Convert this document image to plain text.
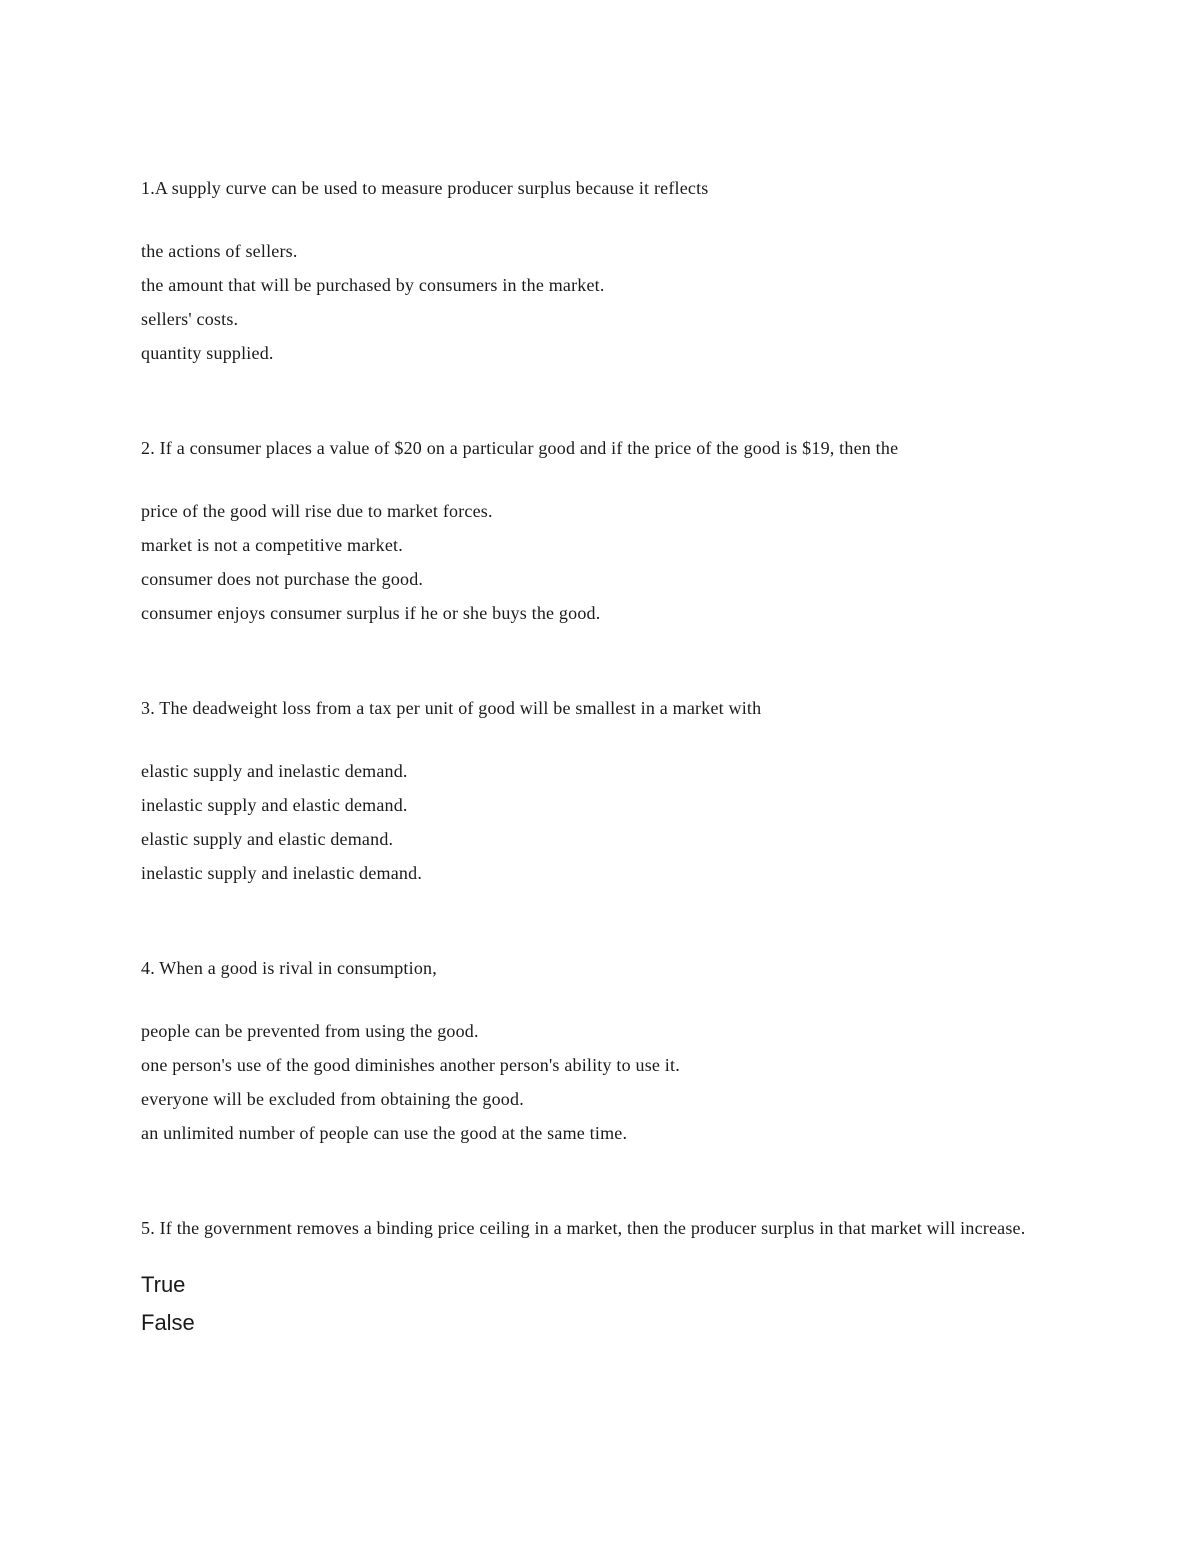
1.A supply curve can be used to measure producer surplus because it reflects

the actions of sellers.
the amount that will be purchased by consumers in the market.
sellers' costs.
quantity supplied.

2. If a consumer places a value of $20 on a particular good and if the price of the good is $19, then the

price of the good will rise due to market forces.
market is not a competitive market.
consumer does not purchase the good.
consumer enjoys consumer surplus if he or she buys the good.

3. The deadweight loss from a tax per unit of good will be smallest in a market with

elastic supply and inelastic demand.
inelastic supply and elastic demand.
elastic supply and elastic demand.
inelastic supply and inelastic demand.

4. When a good is rival in consumption,

people can be prevented from using the good.
one person's use of the good diminishes another person's ability to use it.
everyone will be excluded from obtaining the good.
an unlimited number of people can use the good at the same time.

5. If the government removes a binding price ceiling in a market, then the producer surplus in that market will increase.

True
False
